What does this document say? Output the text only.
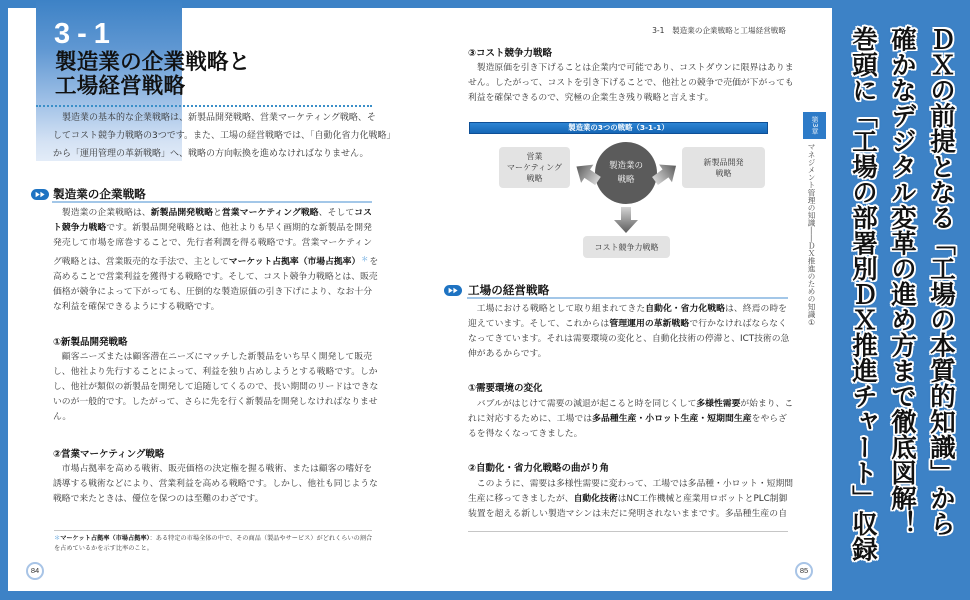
3-1
製造業の企業戦略と
工場経営戦略
製造業の基本的な企業戦略は、新製品開発戦略、営業マーケティング戦略、そ
してコスト競争力戦略の3つです。また、工場の経営戦略では、「自動化省力化戦略」
から「運用管理の革新戦略」へ、戦略の方向転換を進めなければなりません。
製造業の企業戦略
製造業の企業戦略は、新製品開発戦略と営業マーケティング戦略、そしてコス
ト競争力戦略です。新製品開発戦略とは、他社よりも早く画期的な新製品を開発
発売して市場を席巻することで、先行者利潤を得る戦略です。営業マーケティン
グ戦略とは、営業販売的な手法で、主としてマーケット占拠率（市場占拠率）＊を
高めることで営業利益を獲得する戦略です。そして、コスト競争力戦略とは、販売
価格が競争によって下がっても、圧倒的な製造原価の引き下げにより、なお十分
な利益を確保できるようにする戦略です。
①新製品開発戦略
顧客ニーズまたは顧客潜在ニーズにマッチした新製品をいち早く開発して販売
し、他社より先行することによって、利益を独り占めしようとする戦略です。しか
し、他社が類似の新製品を開発して追随してくるので、長い期間のリードはできな
いのが一般的です。したがって、さらに先を行く新製品を開発しなければなりませ
ん。
②営業マーケティング戦略
市場占拠率を高める戦術、販売価格の決定権を握る戦術、または顧客の嗜好を
誘導する戦術などにより、営業利益を高める戦略です。しかし、他社も同じような
戦略で来たときは、優位を保つのは至難のわざです。
＊マーケット占拠率（市場占拠率）：ある特定の市場全体の中で、その商品（製品やサービス）がどれくらいの割合
を占めているかを示す比率のこと。
84
3-1　製造業の企業戦略と工場経営戦略
③コスト競争力戦略
製造原価を引き下げることは企業内で可能であり、コストダウンに限界はありま
せん。したがって、コストを引き下げることで、他社との競争で売価が下がっても
利益を確保できるので、究極の企業生き残り戦略と言えます。
製造業の3つの戦略（3-1-1）
営業
マーケティング
戦略
新製品開発
戦略
コスト競争力戦略
製造業の
戦略
工場の経営戦略
工場における戦略として取り組まれてきた自動化・省力化戦略は、終焉の時を
迎えています。そして、これからは管理運用の革新戦略で行かなければならなく
なってきています。それは需要環境の変化と、自動化技術の停滞と、ICT技術の急
伸があるからです。
①需要環境の変化
バブルがはじけて需要の減退が起こると時を同じくして多様性需要が始まり、こ
れに対応するために、工場では多品種生産・小ロット生産・短期間生産をやらざ
るを得なくなってきました。
②自動化・省力化戦略の曲がり角
このように、需要は多様性需要に変わって、工場では多品種・小ロット・短期間
生産に移ってきましたが、自動化技術はNC工作機械と産業用ロボットとPLC制御
装置を超える新しい製造マシンは未だに発明されないままです。多品種生産の自
85
第3章
マネジメント管理の知識――ＤＸ推進のための知識①	ＤＸの前提となる「工場の本質的知識」から
確かなデジタル変革の進め方まで徹底図解！
巻頭に「工場の部署別ＤＸ推進チャート」収録
